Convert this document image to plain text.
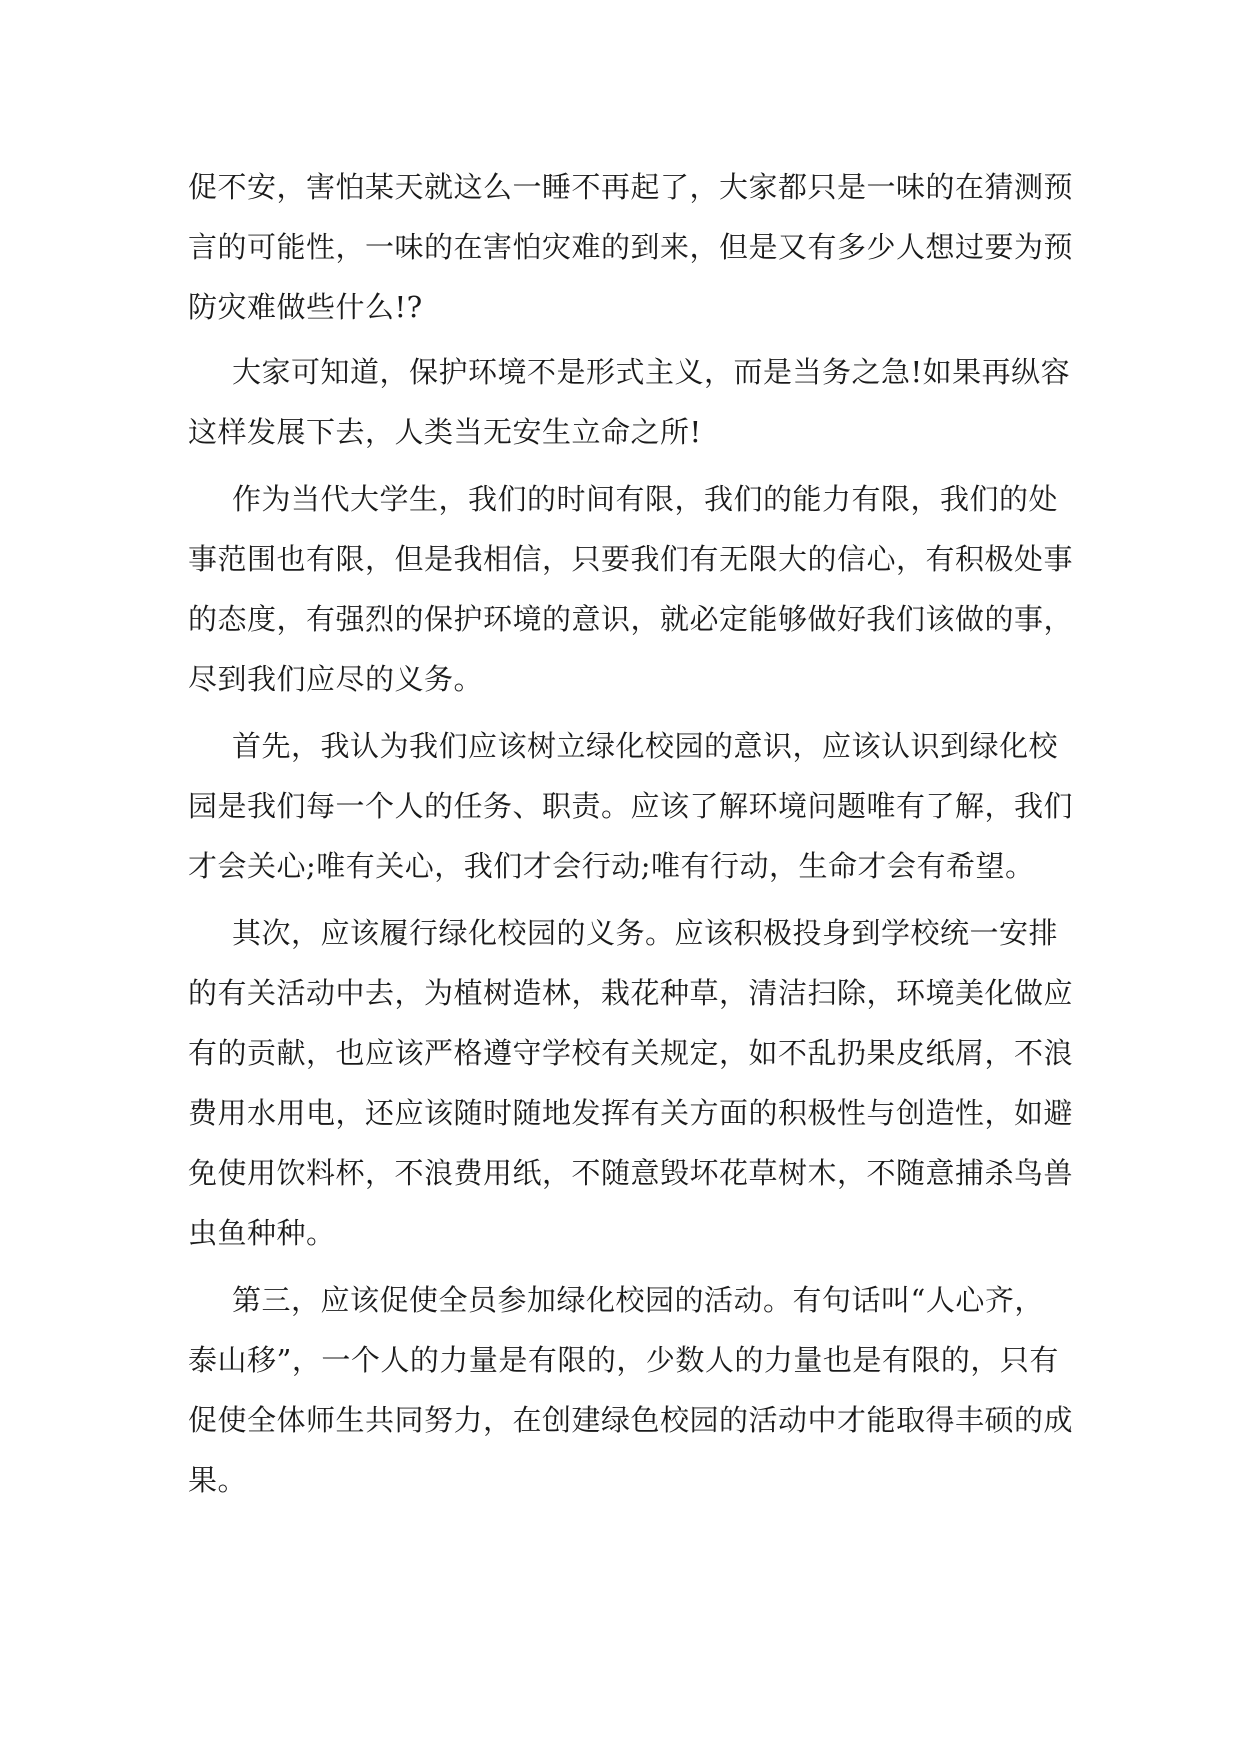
促不安，害怕某天就这么一睡不再起了，大家都只是一味的在猜测预
言的可能性，一味的在害怕灾难的到来，但是又有多少人想过要为预
防灾难做些什么!?
大家可知道，保护环境不是形式主义，而是当务之急!如果再纵容
这样发展下去，人类当无安生立命之所!
作为当代大学生，我们的时间有限，我们的能力有限，我们的处
事范围也有限，但是我相信，只要我们有无限大的信心，有积极处事
的态度，有强烈的保护环境的意识，就必定能够做好我们该做的事，
尽到我们应尽的义务。
首先，我认为我们应该树立绿化校园的意识，应该认识到绿化校
园是我们每一个人的任务、职责。应该了解环境问题唯有了解，我们
才会关心;唯有关心，我们才会行动;唯有行动，生命才会有希望。
其次，应该履行绿化校园的义务。应该积极投身到学校统一安排
的有关活动中去，为植树造林，栽花种草，清洁扫除，环境美化做应
有的贡献，也应该严格遵守学校有关规定，如不乱扔果皮纸屑，不浪
费用水用电，还应该随时随地发挥有关方面的积极性与创造性，如避
免使用饮料杯，不浪费用纸，不随意毁坏花草树木，不随意捕杀鸟兽
虫鱼种种。
第三，应该促使全员参加绿化校园的活动。有句话叫“人心齐，
泰山移”，一个人的力量是有限的，少数人的力量也是有限的，只有
促使全体师生共同努力，在创建绿色校园的活动中才能取得丰硕的成
果。
